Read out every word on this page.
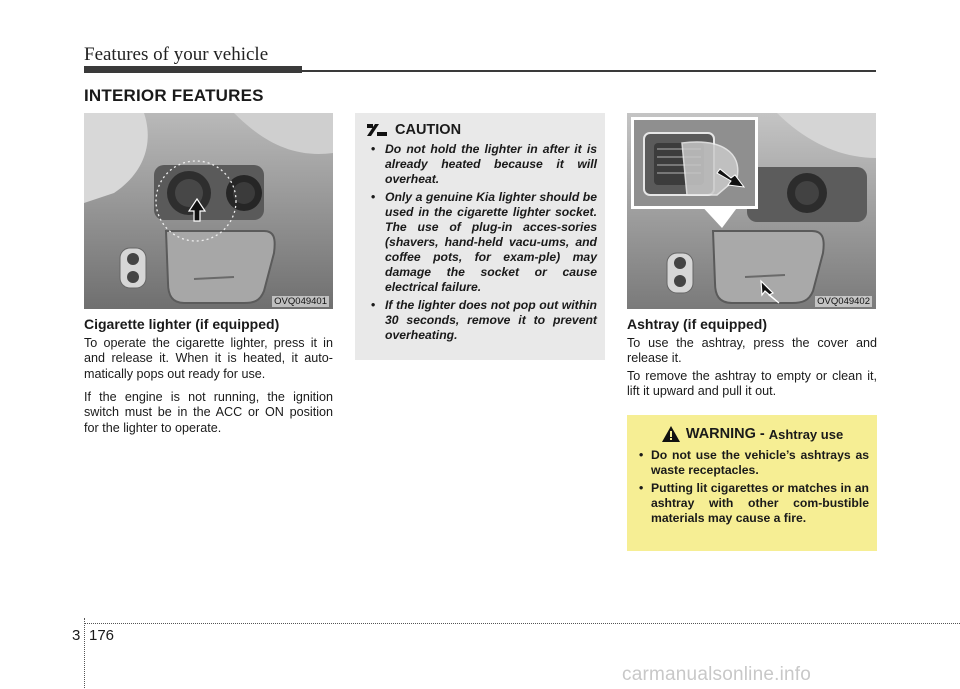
Features of your vehicle
INTERIOR FEATURES
OVQ049401
Cigarette lighter (if equipped)
To operate the cigarette lighter, press it in and release it. When it is heated, it auto-matically pops out ready for use.
If the engine is not running, the ignition switch must be in the ACC or ON position for the lighter to operate.
CAUTION
• Do not hold the lighter in after it is already heated because it will overheat.
• Only a genuine Kia lighter should be used in the cigarette lighter socket. The use of plug-in acces-sories (shavers, hand-held vacu-ums, and coffee pots, for exam-ple) may damage the socket or cause electrical failure.
• If the lighter does not pop out within 30 seconds, remove it to prevent overheating.
OVQ049402
Ashtray (if equipped)
To use the ashtray, press the cover and release it.
To remove the ashtray to empty or clean it, lift it upward and pull it out.
WARNING - Ashtray use
• Do not use the vehicle’s ashtrays as waste receptacles.
• Putting lit cigarettes or matches in an ashtray with other com-bustible materials may cause a fire.
3 176
carmanualsonline.info
